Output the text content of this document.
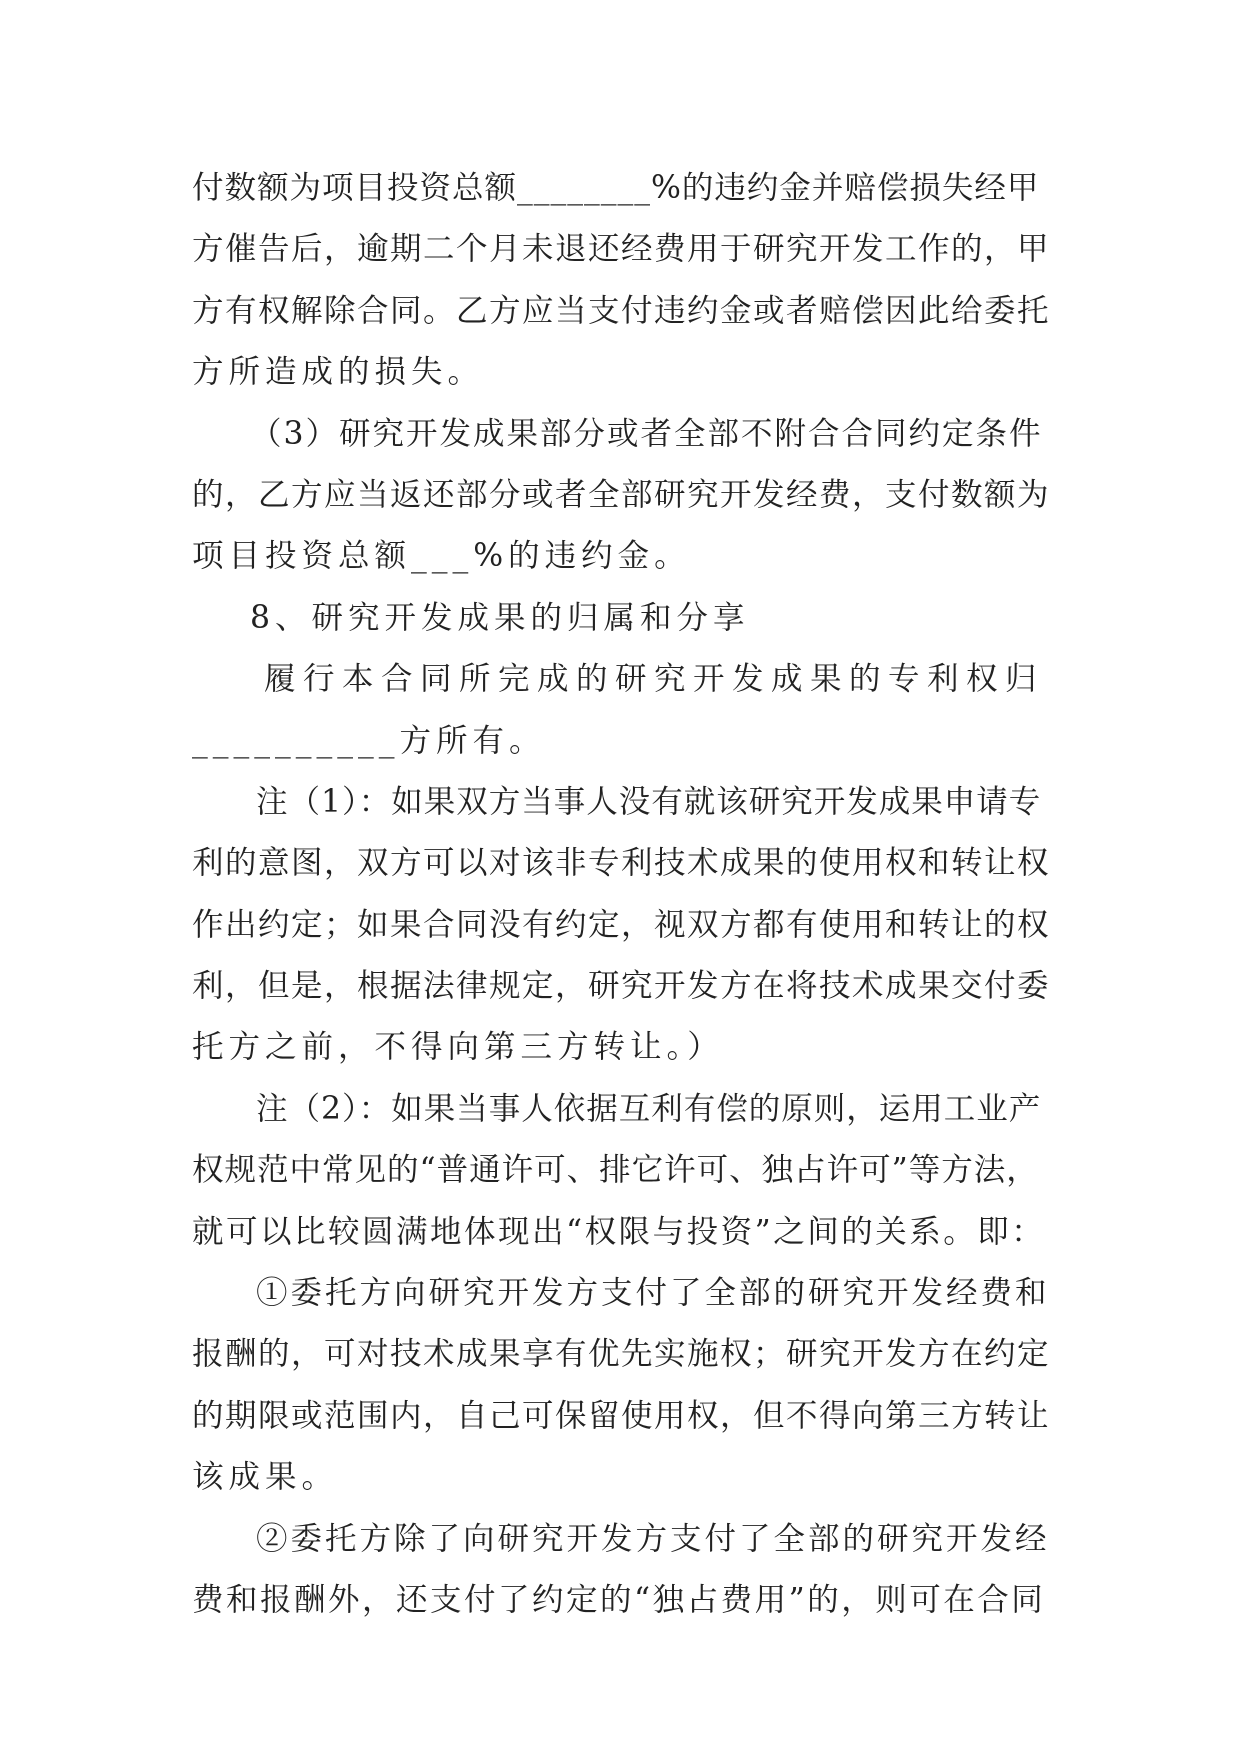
付数额为项目投资总额________%的违约金并赔偿损失经甲

方催告后，逾期二个月未退还经费用于研究开发工作的，甲

方有权解除合同。乙方应当支付违约金或者赔偿因此给委托

方所造成的损失。

（3）研究开发成果部分或者全部不附合合同约定条件

的，乙方应当返还部分或者全部研究开发经费，支付数额为

项目投资总额___%的违约金。

8、研究开发成果的归属和分享

履行本合同所完成的研究开发成果的专利权归

__________方所有。

注（1）：如果双方当事人没有就该研究开发成果申请专

利的意图，双方可以对该非专利技术成果的使用权和转让权

作出约定；如果合同没有约定，视双方都有使用和转让的权

利，但是，根据法律规定，研究开发方在将技术成果交付委

托方之前，不得向第三方转让。）

注（2）：如果当事人依据互利有偿的原则，运用工业产

权规范中常见的“普通许可、排它许可、独占许可”等方法，

就可以比较圆满地体现出“权限与投资”之间的关系。即：

①委托方向研究开发方支付了全部的研究开发经费和

报酬的，可对技术成果享有优先实施权；研究开发方在约定

的期限或范围内，自己可保留使用权，但不得向第三方转让

该成果。

②委托方除了向研究开发方支付了全部的研究开发经

费和报酬外，还支付了约定的“独占费用”的，则可在合同
